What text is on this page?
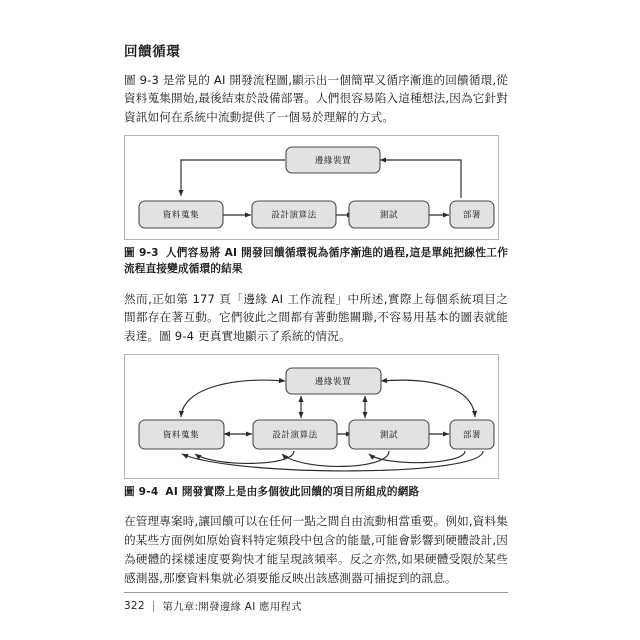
回饋循環

圖 9-3 是常見的 AI 開發流程圖,顯示出一個簡單又循序漸進的回饋循環,從資料蒐集開始,最後結束於設備部署。人們很容易陷入這種想法,因為它針對資訊如何在系統中流動提供了一個易於理解的方式。

邊緣裝置
資料蒐集	設計演算法	測試	部署

圖 9-3 人們容易將 AI 開發回饋循環視為循序漸進的過程,這是單純把線性工作流程直接變成循環的結果

然而,正如第 177 頁「邊緣 AI 工作流程」中所述,實際上每個系統項目之間都存在著互動。它們彼此之間都有著動態關聯,不容易用基本的圖表就能表達。圖 9-4 更真實地顯示了系統的情況。

邊緣裝置
資料蒐集	設計演算法	測試	部署

圖 9-4 AI 開發實際上是由多個彼此回饋的項目所組成的網路

在管理專案時,讓回饋可以在任何一點之間自由流動相當重要。例如,資料集的某些方面例如原始資料特定頻段中包含的能量,可能會影響到硬體設計,因為硬體的採樣速度要夠快才能呈現該頻率。反之亦然,如果硬體受限於某些感測器,那麼資料集就必須要能反映出該感測器可捕捉到的訊息。

322 | 第九章:開發邊緣 AI 應用程式
